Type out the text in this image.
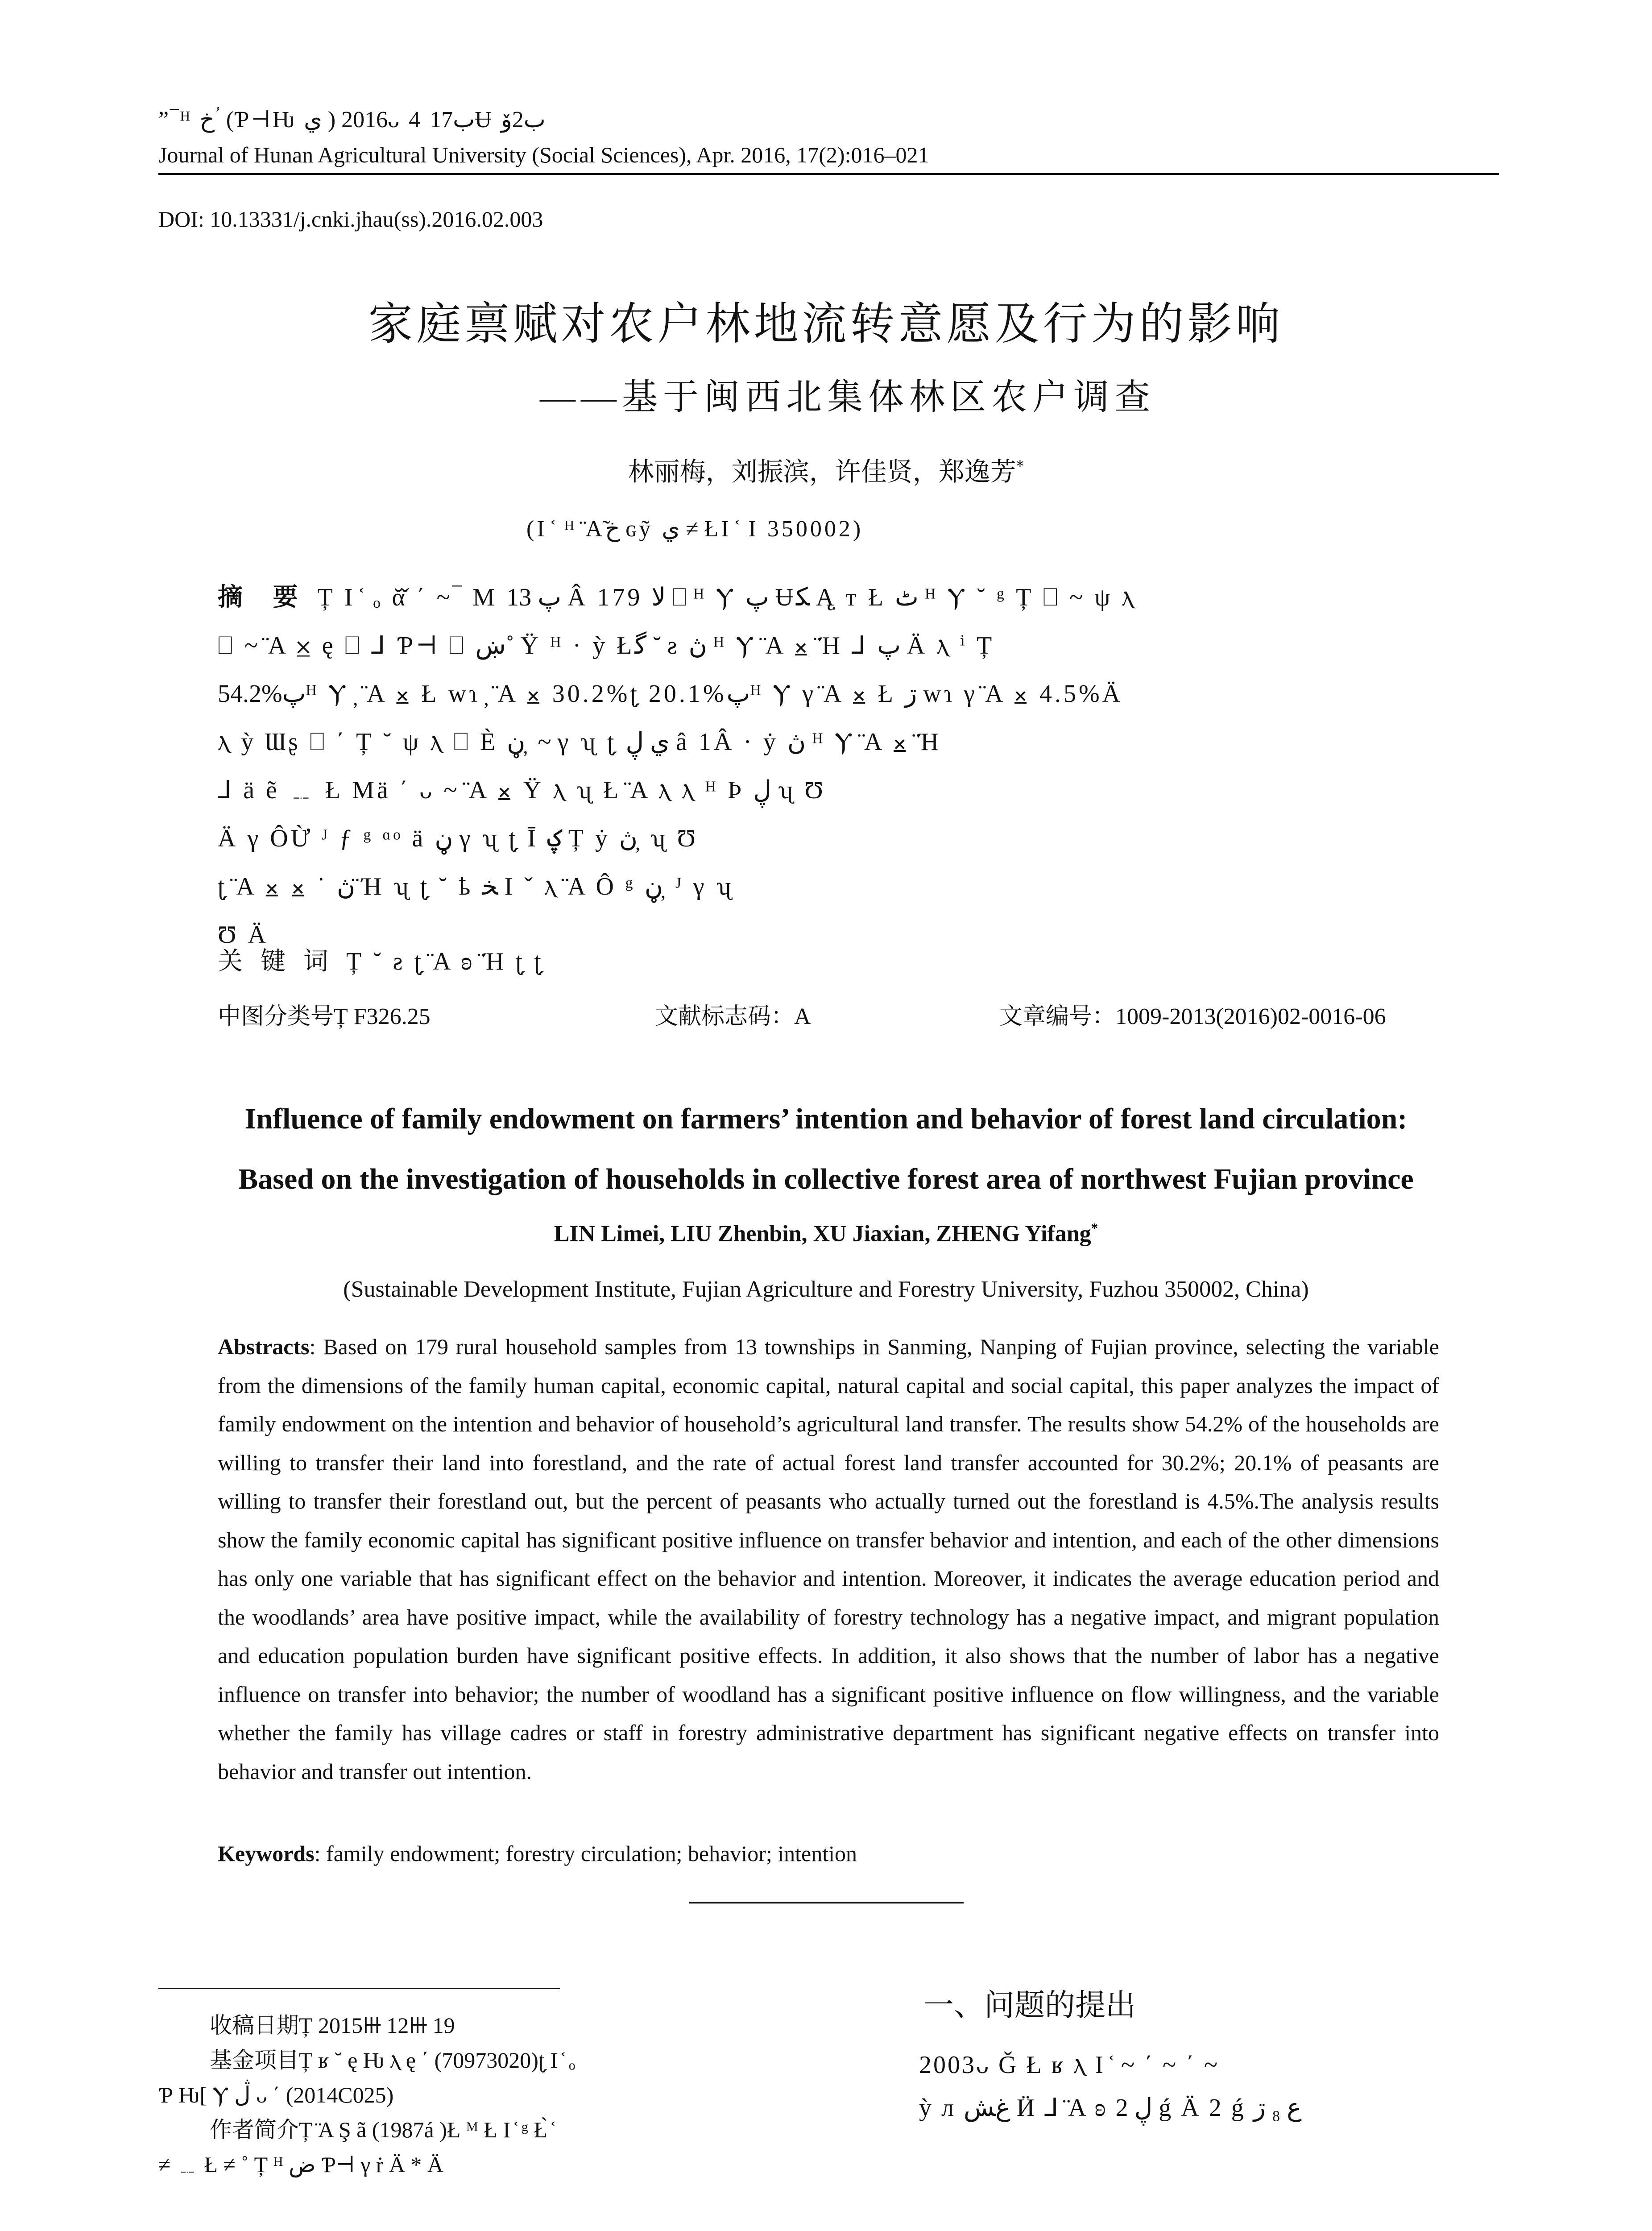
”‾ᴴ ﺥ ؙ (Ƥ⊣Ƕ ي ) 2016ᴗ 4 ب17Ʉ ب2ﯙ
Journal of Hunan Agricultural University (Social Sciences), Apr. 2016, 17(2):016–021
DOI: 10.13331/j.cnki.jhau(ss).2016.02.003
家庭禀赋对农户林地流转意愿及行为的影响
——基于闽西北集体林区农户调查
林丽梅，刘振滨，许佳贤，郑逸芳*
(Ι ᷾ ᴴ ̈Α̃ﺥ ɢỹ ي ≠ ŁΙ ᷾ Ι 350002)
摘 要 Ț Ι ᷾ ₒ ᾰ̌ ΄ ~‾ Μ ﭖ 13 Â 179 ﻻ ⎕ ᴴ Ⲩ ﭖ Ʉﮑ Ą̣ ᴛ Ł ٹ ᴴ Ⲩ ˘ ᵍ Ț ⎕ ~ ψ ⲗ
⎕ ~ ̈Α ⨱ ę ⎕ ⅃ Ƥ⊣ ⎕ ښ˚ Ÿ ᴴ · ỳ Łﮔ ˘ ƨ ڽ ᴴ Ⲩ ̈Α ⨱ ̈Ή ⅃ ﭖ Ä ⲗ ⁱ Ț
54.2%ﭖᴴ Ⲩ ̦ ̈Α ⨱ Ł wɿ ̦ ̈Α ⨱ 30.2%ʈ̗ 20.1%ﭖᴴ Ⲩ γ ̈Α ⨱ Ł ڗ wɿ γ ̈Α ⨱ 4.5%Ä
ⲗ ỳ Ɯʂ ⎕ ΄ Ț ˘ ψ ⲗ ⎕ È ڼ ̦ ~ γ ʯ ʈ̗ ي ڸ â 1Â · ẏ ڽ ᴴ Ⲩ ̈Α ⨱ ̈Ή
⅃ ä ẽ ﹎ Ł Μä ΄ ᴗ ~ ̈Α ⨱ Ÿ ⲗ ʯ Ł ̈Α ⲗ ⲗ ᴴ Þ ڸ ʯ Ʊ
Ä γ ÔỪ ᴶ ƒ ᵍ ᵅᵒ ä ڼ γ ʯ ʈ̗ Ī ؼ Ț ẏ ڽ ̦ ʯ Ʊ
ʈ̗ ̈Α ⨱ ⨱ ˙ ڽ ̈Ή ʯ ʈ̗ ˘ ҍ ﺨ Ι ˇ ⲗ ̈Α Ô ᵍ ڼ ̦ ᴶ γ ʯ
Ʊ Ä
关键词Ț ˘ ƨ ʈ̗ ̈Α ʚ ̈Ή ʈ̗ ʈ̗
中图分类号Ț F326.25	文献标志码：A	文章编号：1009-2013(2016)02-0016-06
Influence of family endowment on farmers’ intention and behavior of forest land circulation:
Based on the investigation of households in collective forest area of northwest Fujian province
LIN Limei, LIU Zhenbin, XU Jiaxian, ZHENG Yifang*
(Sustainable Development Institute, Fujian Agriculture and Forestry University, Fuzhou 350002, China)
Abstracts: Based on 179 rural household samples from 13 townships in Sanming, Nanping of Fujian province, selecting the variable from the dimensions of the family human capital, economic capital, natural capital and social capital, this paper analyzes the impact of family endowment on the intention and behavior of household’s agricultural land transfer. The results show 54.2% of the households are willing to transfer their land into forestland, and the rate of actual forest land transfer accounted for 30.2%; 20.1% of peasants are willing to transfer their forestland out, but the percent of peasants who actually turned out the forestland is 4.5%.The analysis results show the family economic capital has significant positive influence on transfer behavior and intention, and each of the other dimensions has only one variable that has significant effect on the behavior and intention. Moreover, it indicates the average education period and the woodlands’ area have positive impact, while the availability of forestry technology has a negative impact, and migrant population and education population burden have significant positive effects. In addition, it also shows that the number of labor has a negative influence on transfer into behavior; the number of woodland has a significant positive influence on flow willingness, and the variable whether the family has village cadres or staff in forestry administrative department has significant negative effects on transfer into behavior and transfer out intention.
Keywords: family endowment; forestry circulation; behavior; intention
收稿日期Ț 2015Ⲿ 12Ⲿ 19
基金项目Ț ʁ ˘ ę Ƕ ⲗ ę ΄ (70973020)ʈ̗ Ι ᷾ ₒ
Ƥ Ƕ[ Ⲩ ڷ ᴗ ΄ (2014C025)
作者简介Ț ̈Α Ş ã (1987á )Ł ᴹ Ł Ι ᷾ ᵍ Ł̀ ᷾
≠ ﹎ Ł ≠ ˚ Ț ᴴ ﺽ Ƥ⊣ γ ṙ Ä * Ä
一、问题的提出
2003ᴗ Ǧ Ł ʁ ⲗ Ι ᷾ ~ ΄ ~ ΄ ~
ỳ л ﻍﺶ Ӥ ⅃ ̈Α ʚ ڸ 2 ǵ Ä 2 ǵ ﻉ ₈ ڗ
